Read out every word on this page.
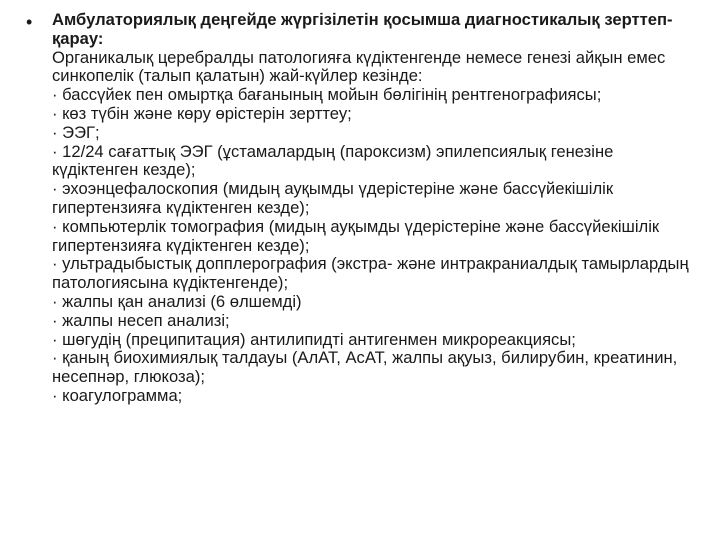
• Амбулаториялық деңгейде жүргізілетін қосымша диагностикалық зерттеп-қарау:
Органикалық церебралды патологияға күдіктенгенде немесе генезі айқын емес синкопелік (талып қалатын) жай-күйлер кезінде:
· бассүйек пен омыртқа бағанының мойын бөлігінің рентгенографиясы;
· көз түбін және көру өрістерін зерттеу;
· ЭЭГ;
· 12/24 сағаттық ЭЭГ (ұстамалардың (пароксизм) эпилепсиялық генезіне күдіктенген кезде);
· эхоэнцефалоскопия (мидың ауқымды үдерістеріне және бассүйекішілік гипертензияға күдіктенген кезде);
· компьютерлік томография (мидың ауқымды үдерістеріне және бассүйекішілік гипертензияға күдіктенген кезде);
· ультрадыбыстық допплерография (экстра- және интракраниалдық тамырлардың патологиясына күдіктенгенде);
· жалпы қан анализі (6 өлшемді)
· жалпы несеп анализі;
· шөгудің (преципитация) антилипидті антигенмен микрореакциясы;
· қаның биохимиялық талдауы (АлАТ, АсАТ, жалпы ақуыз, билирубин, креатинин, несепнәр, глюкоза);
· коагулограмма;
